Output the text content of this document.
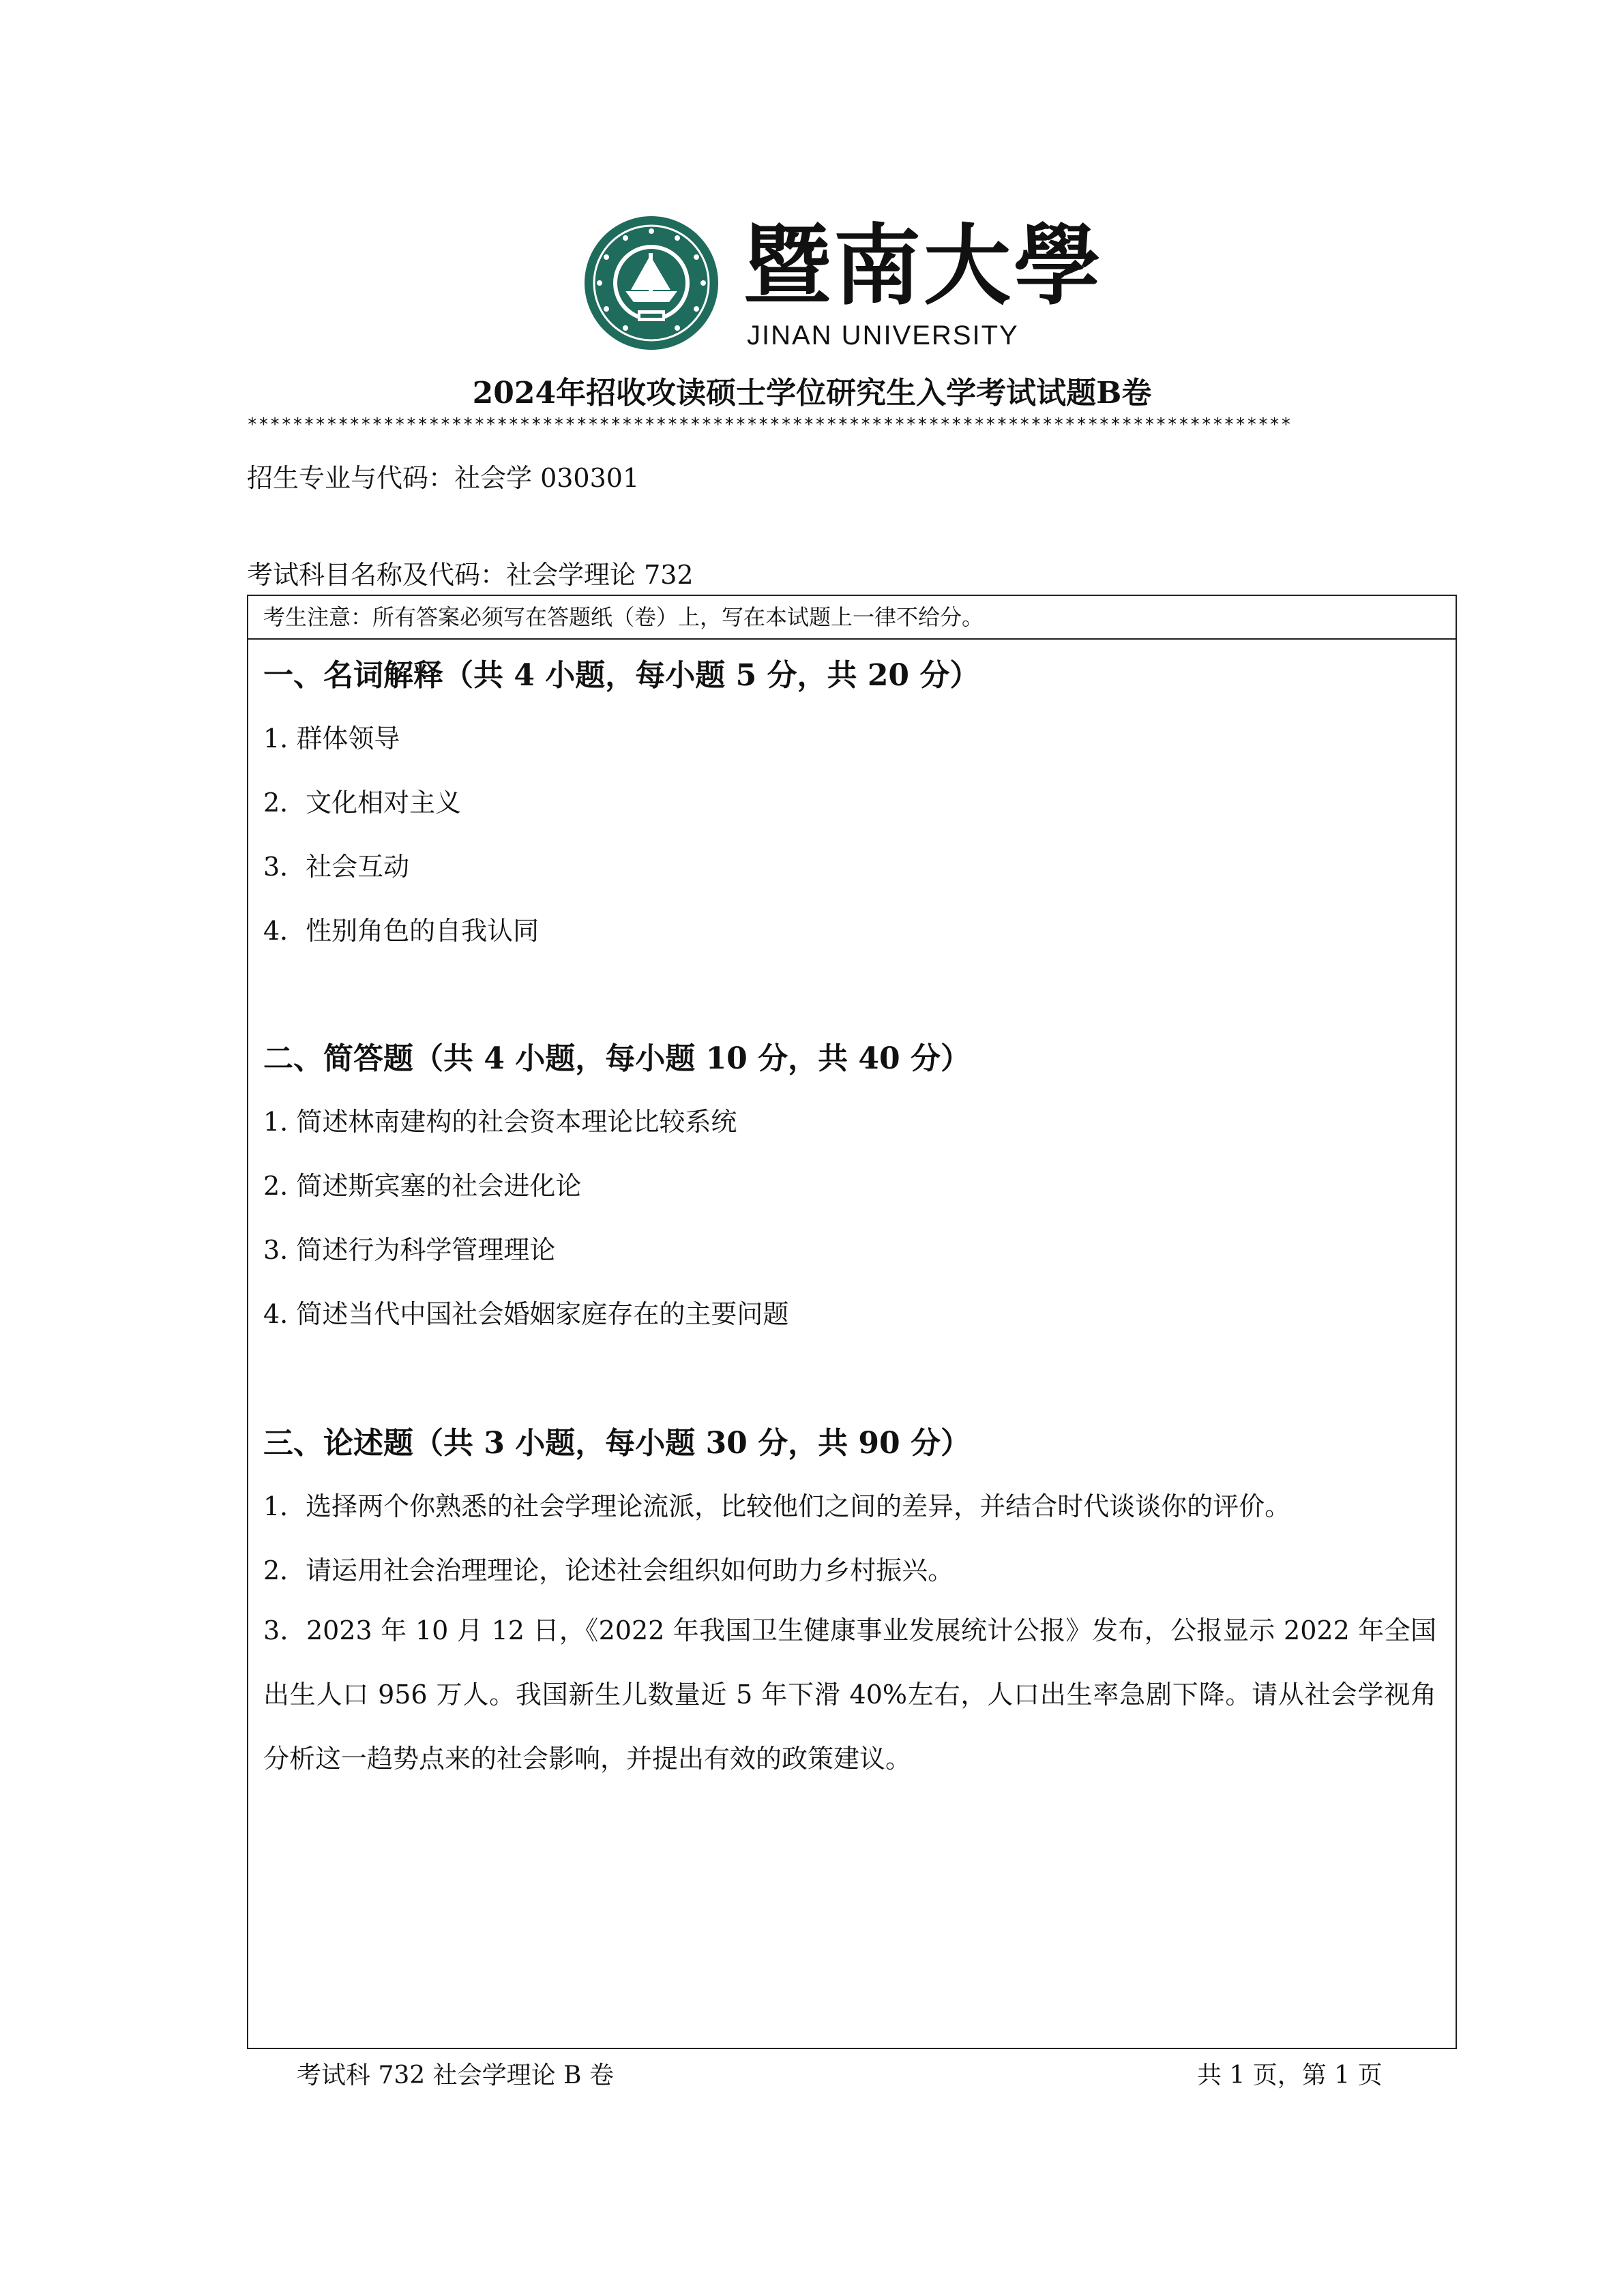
暨南大學
JINAN UNIVERSITY
2024年招收攻读硕士学位研究生入学考试试题B卷
********************************************************************************************
招生专业与代码：社会学 030301
考试科目名称及代码：社会学理论 732
考生注意：所有答案必须写在答题纸（卷）上，写在本试题上一律不给分。
一、名词解释（共 4 小题，每小题 5 分，共 20 分）
1. 群体领导
2．文化相对主义
3．社会互动
4．性别角色的自我认同
二、简答题（共 4 小题，每小题 10 分，共 40 分）
1. 简述林南建构的社会资本理论比较系统
2. 简述斯宾塞的社会进化论
3. 简述行为科学管理理论
4. 简述当代中国社会婚姻家庭存在的主要问题
三、论述题（共 3 小题，每小题 30 分，共 90 分）
1．选择两个你熟悉的社会学理论流派，比较他们之间的差异，并结合时代谈谈你的评价。
2．请运用社会治理理论，论述社会组织如何助力乡村振兴。
3．2023 年 10 月 12 日，《2022 年我国卫生健康事业发展统计公报》发布，公报显示 2022 年全国出生人口 956 万人。我国新生儿数量近 5 年下滑 40%左右，人口出生率急剧下降。请从社会学视角分析这一趋势点来的社会影响，并提出有效的政策建议。
考试科 732 社会学理论 B 卷	共 1 页，第 1 页
